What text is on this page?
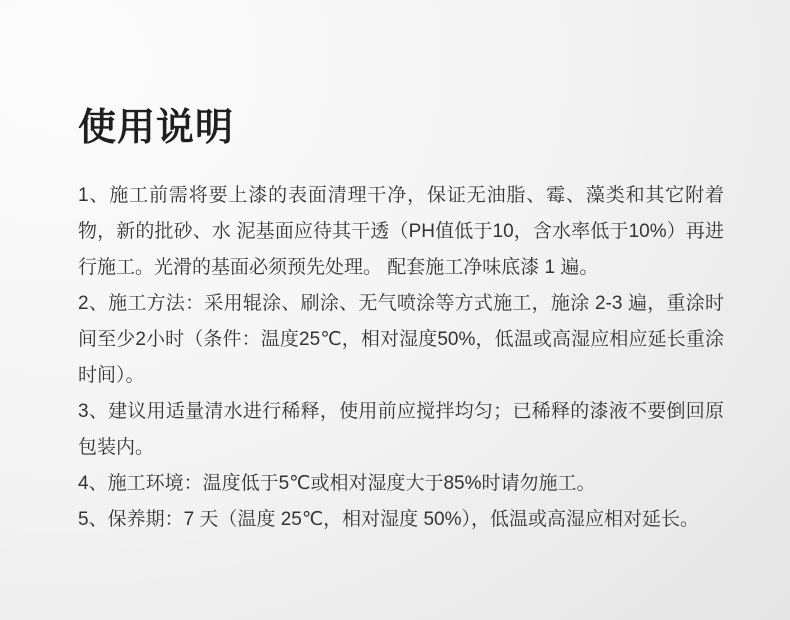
使用说明

1、施工前需将要上漆的表面清理干净，保证无油脂、霉、藻类和其它附着物，新的批砂、水 泥基面应待其干透（PH值低于10，含水率低于10%）再进行施工。光滑的基面必须预先处理。 配套施工净味底漆 1 遍。

2、施工方法：采用辊涂、刷涂、无气喷涂等方式施工，施涂 2-3 遍，重涂时间至少2小时（条件：温度25℃，相对湿度50%，低温或高湿应相应延长重涂时间）。

3、建议用适量清水进行稀释，使用前应搅拌均匀；已稀释的漆液不要倒回原包装内。

4、施工环境：温度低于5℃或相对湿度大于85%时请勿施工。

5、保养期：7 天（温度 25℃，相对湿度 50%），低温或高湿应相对延长。
